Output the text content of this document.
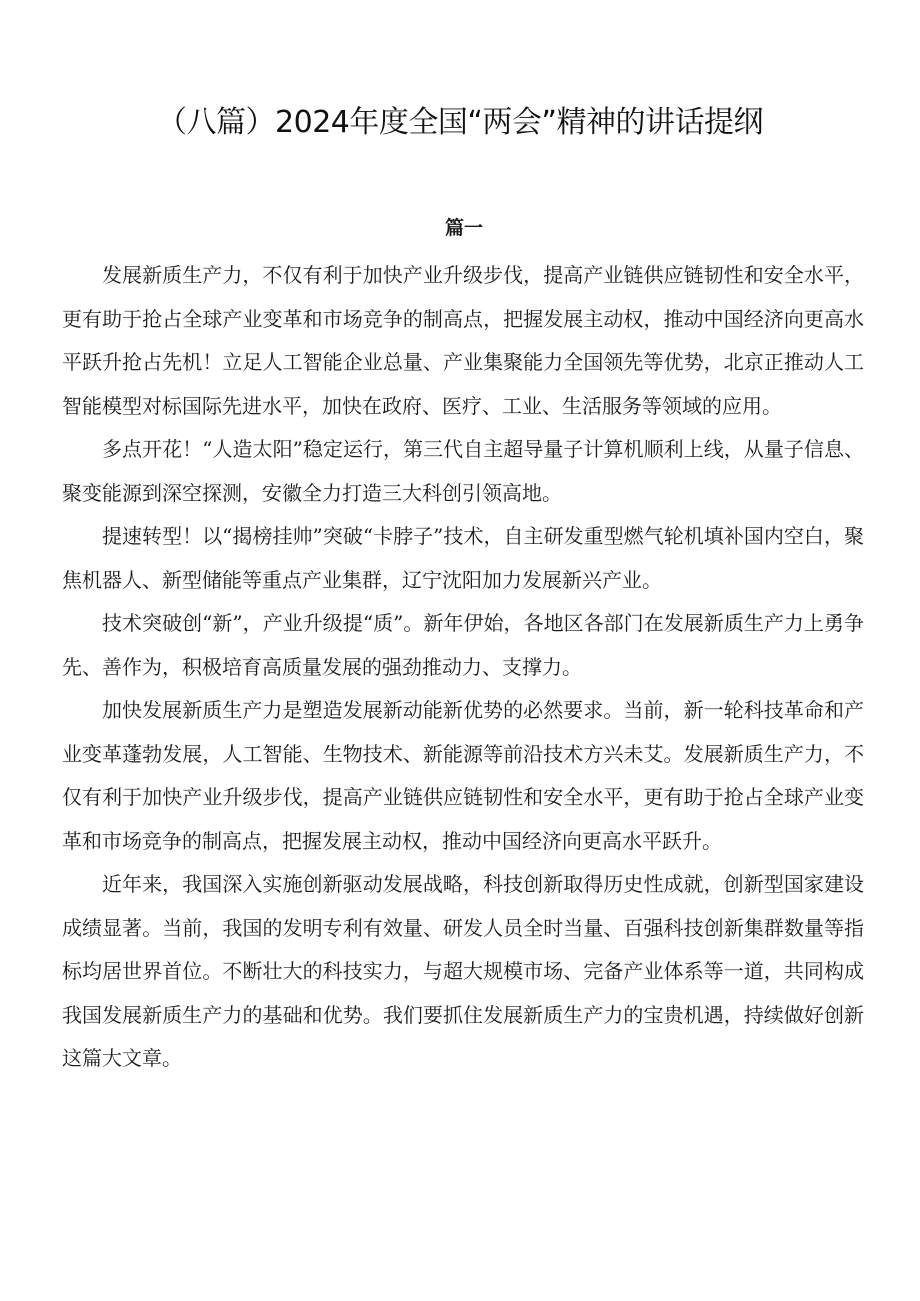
（八篇）2024年度全国“两会”精神的讲话提纲
篇一

发展新质生产力，不仅有利于加快产业升级步伐，提高产业链供应链韧性和安全水平，更有助于抢占全球产业变革和市场竞争的制高点，把握发展主动权，推动中国经济向更高水平跃升抢占先机！立足人工智能企业总量、产业集聚能力全国领先等优势，北京正推动人工智能模型对标国际先进水平，加快在政府、医疗、工业、生活服务等领域的应用。

多点开花！“人造太阳”稳定运行，第三代自主超导量子计算机顺利上线，从量子信息、聚变能源到深空探测，安徽全力打造三大科创引领高地。

提速转型！以“揭榜挂帅”突破“卡脖子”技术，自主研发重型燃气轮机填补国内空白，聚焦机器人、新型储能等重点产业集群，辽宁沈阳加力发展新兴产业。

技术突破创“新”，产业升级提“质”。新年伊始，各地区各部门在发展新质生产力上勇争先、善作为，积极培育高质量发展的强劲推动力、支撑力。

加快发展新质生产力是塑造发展新动能新优势的必然要求。当前，新一轮科技革命和产业变革蓬勃发展，人工智能、生物技术、新能源等前沿技术方兴未艾。发展新质生产力，不仅有利于加快产业升级步伐，提高产业链供应链韧性和安全水平，更有助于抢占全球产业变革和市场竞争的制高点，把握发展主动权，推动中国经济向更高水平跃升。

近年来，我国深入实施创新驱动发展战略，科技创新取得历史性成就，创新型国家建设成绩显著。当前，我国的发明专利有效量、研发人员全时当量、百强科技创新集群数量等指标均居世界首位。不断壮大的科技实力，与超大规模市场、完备产业体系等一道，共同构成我国发展新质生产力的基础和优势。我们要抓住发展新质生产力的宝贵机遇，持续做好创新这篇大文章。
